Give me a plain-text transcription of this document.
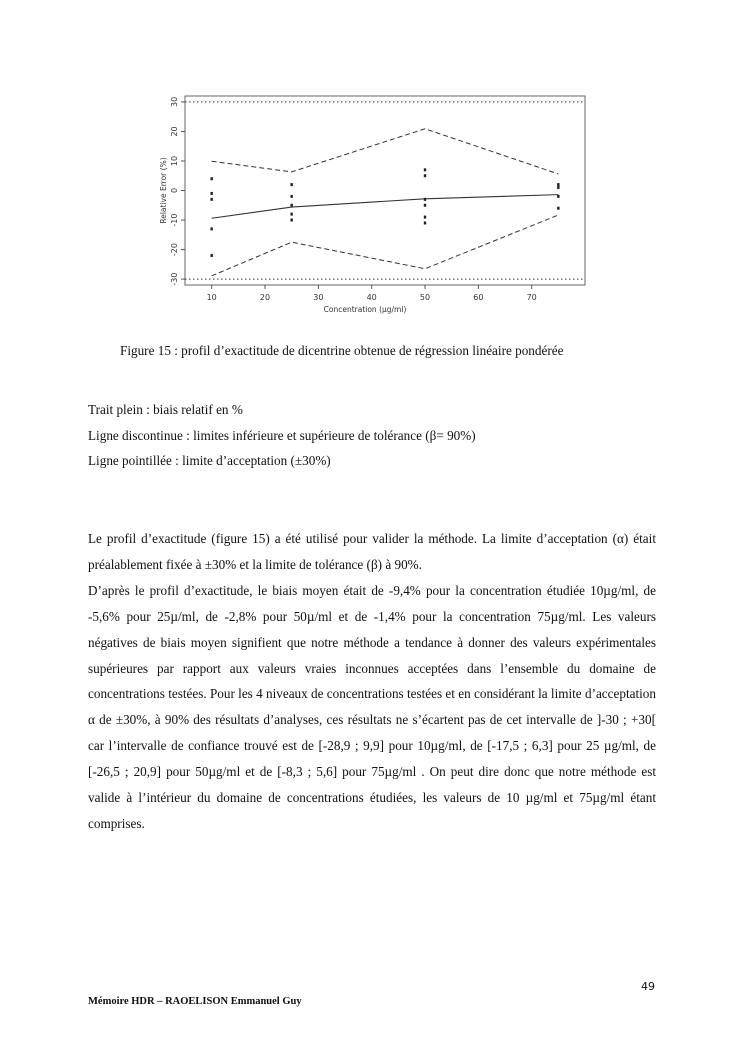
10	20	30	40	50	60	70
-30
-20
-10
0
10
20
30
Concentration (µg/ml)
Relative Error (%)
Figure 15 : profil d’exactitude de dicentrine obtenue de régression linéaire pondérée
Trait plein : biais relatif en %
Ligne discontinue : limites inférieure et supérieure de tolérance (β= 90%)
Ligne pointillée : limite d’acceptation (±30%)

Le profil d’exactitude (figure 15) a été utilisé pour valider la méthode. La limite d’acceptation (α) était préalablement fixée à ±30% et la limite de tolérance (β) à 90%.

D’après le profil d’exactitude, le biais moyen était de -9,4% pour la concentration étudiée 10µg/ml, de -5,6% pour 25µ/ml, de -2,8% pour 50µ/ml et de -1,4% pour la concentration 75µg/ml. Les valeurs négatives de biais moyen signifient que notre méthode a tendance à donner des valeurs expérimentales supérieures par rapport aux valeurs vraies inconnues acceptées dans l’ensemble du domaine de concentrations testées. Pour les 4 niveaux de concentrations testées et en considérant la limite d’acceptation α de ±30%, à 90% des résultats d’analyses, ces résultats ne s’écartent pas de cet intervalle de ]-30 ; +30[ car l’intervalle de confiance trouvé est de [-28,9 ; 9,9] pour 10µg/ml, de [-17,5 ; 6,3] pour 25 µg/ml, de [-26,5 ; 20,9] pour 50µg/ml et de [-8,3 ; 5,6] pour 75µg/ml . On peut dire donc que notre méthode est valide à l’intérieur du domaine de concentrations étudiées, les valeurs de 10 µg/ml et 75µg/ml étant comprises.

49
Mémoire HDR – RAOELISON Emmanuel Guy
